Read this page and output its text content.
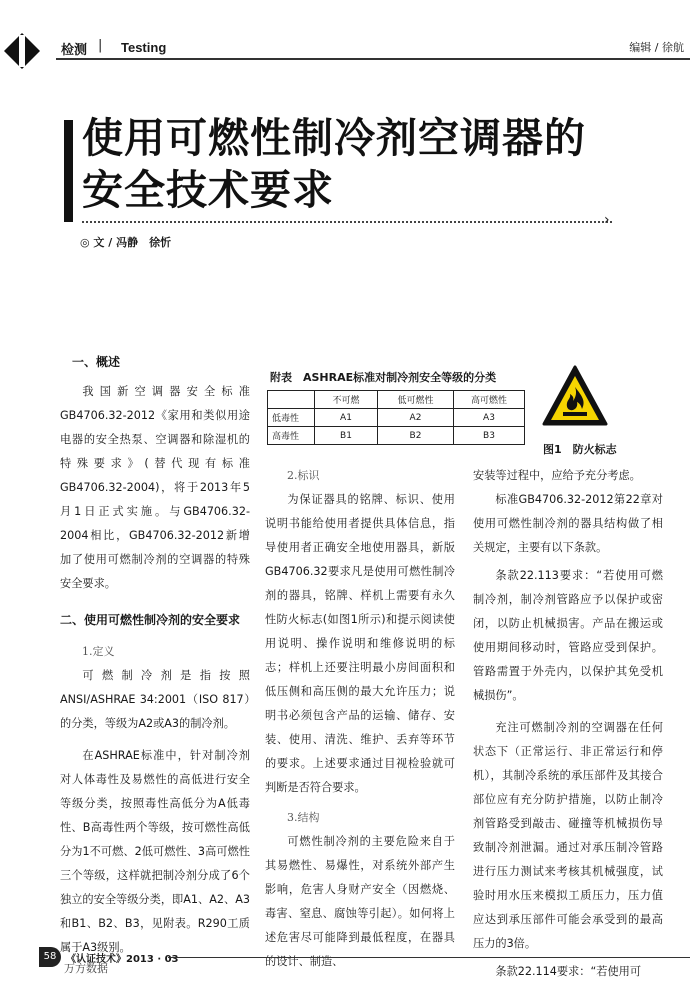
检测 | Testing	编辑 / 徐航
使用可燃性制冷剂空调器的
安全技术要求
›
◎ 文 / 冯静　徐忻
一、概述

我国新空调器安全标准GB4706.32-2012《家用和类似用途电器的安全热泵、空调器和除湿机的特殊要求》(替代现有标准GB4706.32-2004)，将于2013年5月1日正式实施。与GB4706.32-2004相比，GB4706.32-2012新增加了使用可燃制冷剂的空调器的特殊安全要求。

二、使用可燃性制冷剂的安全要求
1.定义

可燃制冷剂是指按照ANSI/ASHRAE 34:2001（ISO 817）的分类，等级为A2或A3的制冷剂。

在ASHRAE标准中，针对制冷剂对人体毒性及易燃性的高低进行安全等级分类，按照毒性高低分为A低毒性、B高毒性两个等级，按可燃性高低分为1不可燃、2低可燃性、3高可燃性三个等级，这样就把制冷剂分成了6个独立的安全等级分类，即A1、A2、A3和B1、B2、B3，见附表。R290工质属于A3级别。

附表　ASHRAE标准对制冷剂安全等级的分类
	不可燃	低可燃性	高可燃性
低毒性	A1	A2	A3
高毒性	B1	B2	B3
图1　防火标志
2.标识

为保证器具的铭牌、标识、使用说明书能给使用者提供具体信息，指导使用者正确安全地使用器具，新版GB4706.32要求凡是使用可燃性制冷剂的器具，铭牌、样机上需要有永久性防火标志(如图1所示)和提示阅读使用说明、操作说明和维修说明的标志；样机上还要注明最小房间面积和低压侧和高压侧的最大允许压力；说明书必须包含产品的运输、储存、安装、使用、清洗、维护、丢弃等环节的要求。上述要求通过目视检验就可判断是否符合要求。

3.结构

可燃性制冷剂的主要危险来自于其易燃性、易爆性，对系统外部产生影响，危害人身财产安全（因燃烧、毒害、窒息、腐蚀等引起）。如何将上述危害尽可能降到最低程度，在器具的设计、制造、

安装等过程中，应给予充分考虑。

标准GB4706.32-2012第22章对使用可燃性制冷剂的器具结构做了相关规定，主要有以下条款。

条款22.113要求：“若使用可燃制冷剂，制冷剂管路应予以保护或密闭，以防止机械损害。产品在搬运或使用期间移动时，管路应受到保护。管路需置于外壳内，以保护其免受机械损伤”。

充注可燃制冷剂的空调器在任何状态下（正常运行、非正常运行和停机），其制冷系统的承压部件及其接合部位应有充分防护措施，以防止制冷剂管路受到敲击、碰撞等机械损伤导致制冷剂泄漏。通过对承压制冷管路进行压力测试来考核其机械强度，试验时用水压来模拟工质压力，压力值应达到承压部件可能会承受到的最高压力的3倍。

条款22.114要求：“若使用可

58 《认证技术》2013 · 03
万方数据
